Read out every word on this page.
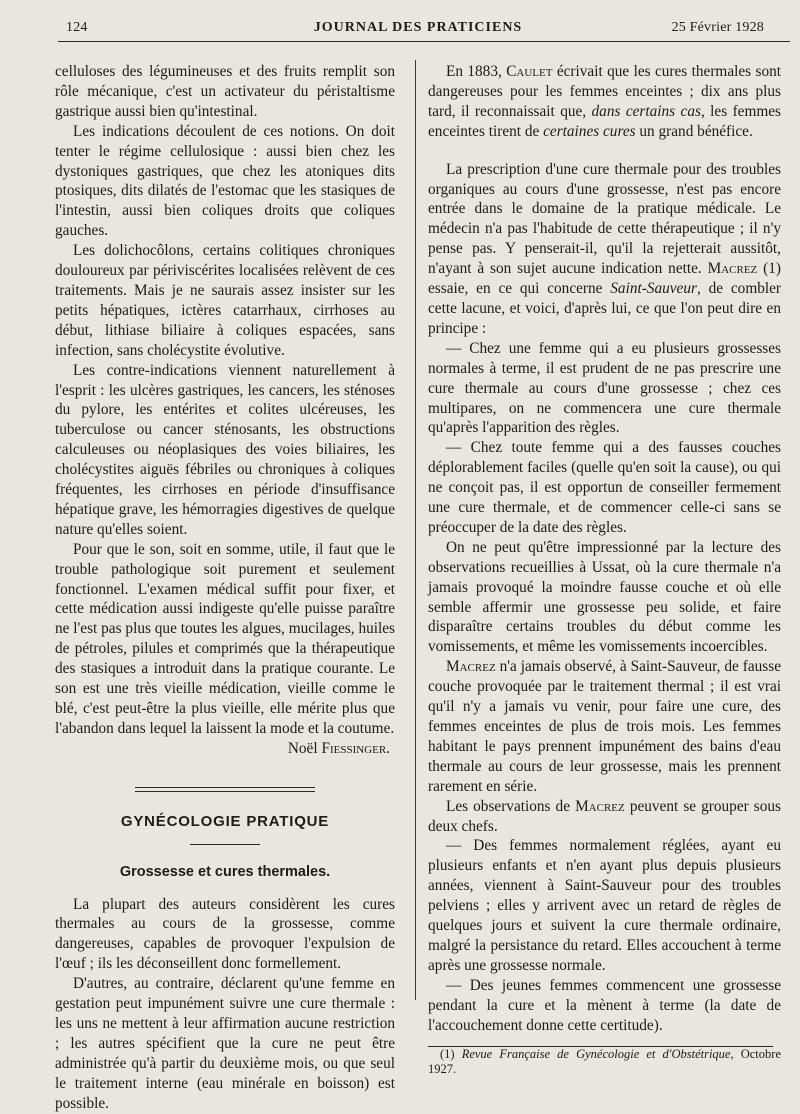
124	JOURNAL DES PRATICIENS	25 Février 1928

celluloses des légumineuses et des fruits remplit son rôle mécanique, c'est un activateur du péristaltisme gastrique aussi bien qu'intestinal.

Les indications découlent de ces notions. On doit tenter le régime cellulosique : aussi bien chez les dystoniques gastriques, que chez les atoniques dits ptosiques, dits dilatés de l'estomac que les stasiques de l'intestin, aussi bien coliques droits que coliques gauches.

Les dolichocôlons, certains colitiques chroniques douloureux par périviscérites localisées relèvent de ces traitements. Mais je ne saurais assez insister sur les petits hépatiques, ictères catarrhaux, cirrhoses au début, lithiase biliaire à coliques espacées, sans infection, sans cholécystite évolutive.

Les contre-indications viennent naturellement à l'esprit : les ulcères gastriques, les cancers, les sténoses du pylore, les entérites et colites ulcéreuses, les tuberculose ou cancer sténosants, les obstructions calculeuses ou néoplasiques des voies biliaires, les cholécystites aiguës fébriles ou chroniques à coliques fréquentes, les cirrhoses en période d'insuffisance hépatique grave, les hémorragies digestives de quelque nature qu'elles soient.

Pour que le son, soit en somme, utile, il faut que le trouble pathologique soit purement et seulement fonctionnel. L'examen médical suffit pour fixer, et cette médication aussi indigeste qu'elle puisse paraître ne l'est pas plus que toutes les algues, mucilages, huiles de pétroles, pilules et comprimés que la thérapeutique des stasiques a introduit dans la pratique courante. Le son est une très vieille médication, vieille comme le blé, c'est peut-être la plus vieille, elle mérite plus que l'abandon dans lequel la laissent la mode et la coutume.

Noël Fiessinger.

GYNÉCOLOGIE PRATIQUE
Grossesse et cures thermales.

La plupart des auteurs considèrent les cures thermales au cours de la grossesse, comme dangereuses, capables de provoquer l'expulsion de l'œuf ; ils les déconseillent donc formellement.

D'autres, au contraire, déclarent qu'une femme en gestation peut impunément suivre une cure thermale : les uns ne mettent à leur affirmation aucune restriction ; les autres spécifient que la cure ne peut être administrée qu'à partir du deuxième mois, ou que seul le traitement interne (eau minérale en boisson) est possible.

En 1883, Caulet écrivait que les cures thermales sont dangereuses pour les femmes enceintes ; dix ans plus tard, il reconnaissait que, dans certains cas, les femmes enceintes tirent de certaines cures un grand bénéfice.

La prescription d'une cure thermale pour des troubles organiques au cours d'une grossesse, n'est pas encore entrée dans le domaine de la pratique médicale. Le médecin n'a pas l'habitude de cette thérapeutique ; il n'y pense pas. Y penserait-il, qu'il la rejetterait aussitôt, n'ayant à son sujet aucune indication nette. Macrez (1) essaie, en ce qui concerne Saint-Sauveur, de combler cette lacune, et voici, d'après lui, ce que l'on peut dire en principe :

— Chez une femme qui a eu plusieurs grossesses normales à terme, il est prudent de ne pas prescrire une cure thermale au cours d'une grossesse ; chez ces multipares, on ne commencera une cure thermale qu'après l'apparition des règles.

— Chez toute femme qui a des fausses couches déplorablement faciles (quelle qu'en soit la cause), ou qui ne conçoit pas, il est opportun de conseiller fermement une cure thermale, et de commencer celle-ci sans se préoccuper de la date des règles.

On ne peut qu'être impressionné par la lecture des observations recueillies à Ussat, où la cure thermale n'a jamais provoqué la moindre fausse couche et où elle semble affermir une grossesse peu solide, et faire disparaître certains troubles du début comme les vomissements, et même les vomissements incoercibles.

Macrez n'a jamais observé, à Saint-Sauveur, de fausse couche provoquée par le traitement thermal ; il est vrai qu'il n'y a jamais vu venir, pour faire une cure, des femmes enceintes de plus de trois mois. Les femmes habitant le pays prennent impunément des bains d'eau thermale au cours de leur grossesse, mais les prennent rarement en série.

Les observations de Macrez peuvent se grouper sous deux chefs.

— Des femmes normalement réglées, ayant eu plusieurs enfants et n'en ayant plus depuis plusieurs années, viennent à Saint-Sauveur pour des troubles pelviens ; elles y arrivent avec un retard de règles de quelques jours et suivent la cure thermale ordinaire, malgré la persistance du retard. Elles accouchent à terme après une grossesse normale.

— Des jeunes femmes commencent une grossesse pendant la cure et la mènent à terme (la date de l'accouchement donne cette certitude).

(1) Revue Française de Gynécologie et d'Obstétrique, Octobre 1927.
